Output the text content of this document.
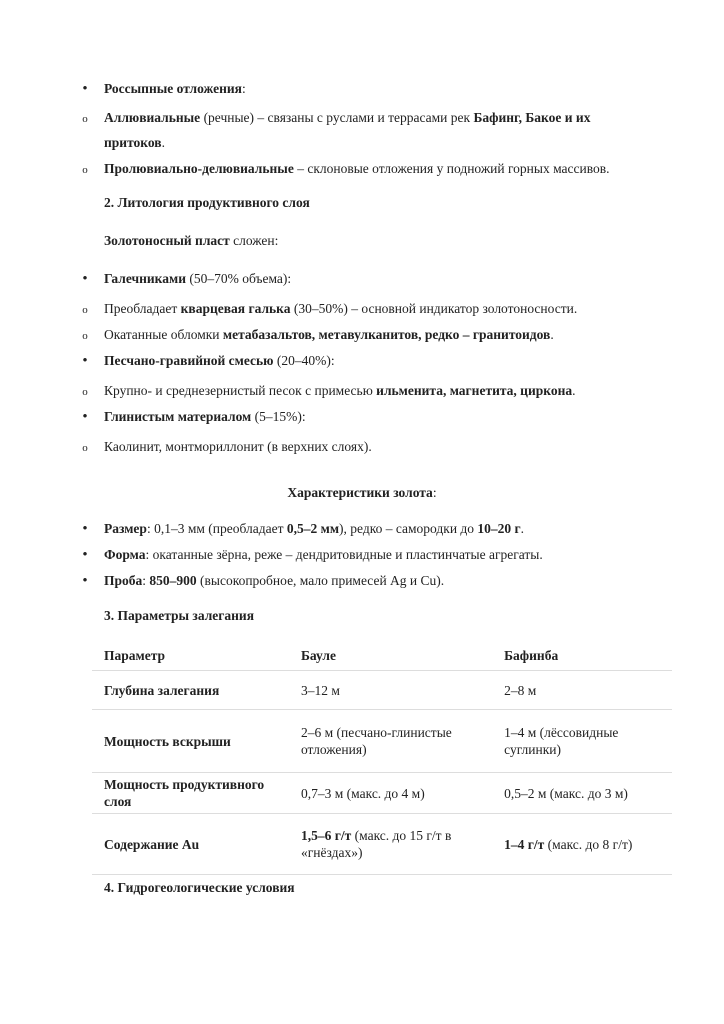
•
Россыпные отложения:
o
Аллювиальные (речные) – связаны с руслами и террасами рек Бафинг, Бакое и их
притоков.
o
Пролювиально-делювиальные – склоновые отложения у подножий горных массивов.
2. Литология продуктивного слоя
Золотоносный пласт сложен:
•
Галечниками (50–70% объема):
o
Преобладает кварцевая галька (30–50%) – основной индикатор золотоносности.
o
Окатанные обломки метабазальтов, метавулканитов, редко – гранитоидов.
•
Песчано-гравийной смесью (20–40%):
o
Крупно- и среднезернистый песок с примесью ильменита, магнетита, циркона.
•
Глинистым материалом (5–15%):
o
Каолинит, монтмориллонит (в верхних слоях).
Характеристики золота:
•
Размер: 0,1–3 мм (преобладает 0,5–2 мм), редко – самородки до 10–20 г.
•
Форма: окатанные зёрна, реже – дендритовидные и пластинчатые агрегаты.
•
Проба: 850–900 (высокопробное, мало примесей Ag и Cu).
3. Параметры залегания
Параметр	Бауле	Бафинба
Глубина залегания	3–12 м	2–8 м
Мощность вскрыши	2–6 м (песчано-глинистые отложения)	1–4 м (лёссовидные суглинки)
Мощность продуктивного слоя	0,7–3 м (макс. до 4 м)	0,5–2 м (макс. до 3 м)
Содержание Au	1,5–6 г/т (макс. до 15 г/т в «гнёздах»)	1–4 г/т (макс. до 8 г/т)
4. Гидрогеологические условия
